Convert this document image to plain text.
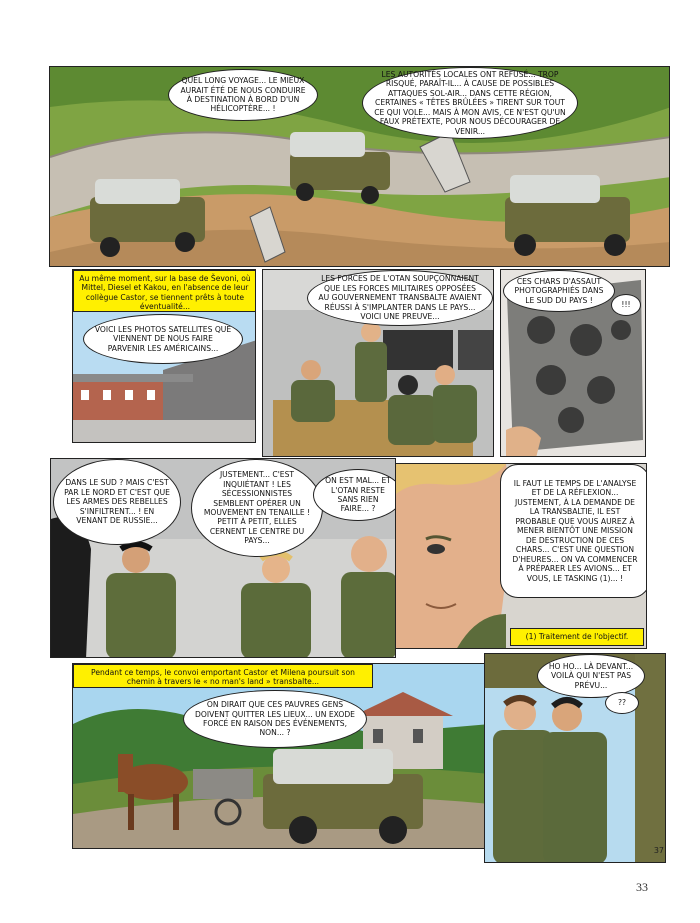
QUEL LONG VOYAGE... LE MIEUX AURAIT ÉTÉ DE NOUS CONDUIRE À DESTINATION À BORD D'UN HÉLICOPTÈRE... !
LES AUTORITÉS LOCALES ONT REFUSÉ... TROP RISQUÉ, PARAÎT-IL... À CAUSE DE POSSIBLES ATTAQUES SOL-AIR... DANS CETTE RÉGION, CERTAINES « TÊTES BRÛLÉES » TIRENT SUR TOUT CE QUI VOLE... MAIS À MON AVIS, CE N'EST QU'UN FAUX PRÉTEXTE, POUR NOUS DÉCOURAGER DE VENIR...
Au même moment, sur la base de Ševoni, où Mittel, Diesel et Kakou, en l'absence de leur collègue Castor, se tiennent prêts à toute éventualité...
VOICI LES PHOTOS SATELLITES QUE VIENNENT DE NOUS FAIRE PARVENIR LES AMÉRICAINS...
LES FORCES DE L'OTAN SOUPÇONNAIENT QUE LES FORCES MILITAIRES OPPOSÉES AU GOUVERNEMENT TRANSBALTE AVAIENT RÉUSSI À S'IMPLANTER DANS LE PAYS... VOICI UNE PREUVE...
CES CHARS D'ASSAUT PHOTOGRAPHIÉS DANS LE SUD DU PAYS !	!!!
DANS LE SUD ? MAIS C'EST PAR LE NORD ET C'EST QUE LES ARMES DES REBELLES S'INFILTRENT... ! EN VENANT DE RUSSIE...
JUSTEMENT... C'EST INQUIÉTANT ! LES SÉCESSIONNISTES SEMBLENT OPÉRER UN MOUVEMENT EN TENAILLE ! PETIT À PETIT, ELLES CERNENT LE CENTRE DU PAYS...
ON EST MAL... ET L'OTAN RESTE SANS RIEN FAIRE... ?
IL FAUT LE TEMPS DE L'ANALYSE ET DE LA RÉFLEXION... JUSTEMENT, À LA DEMANDE DE LA TRANSBALTIE, IL EST PROBABLE QUE VOUS AUREZ À MENER BIENTÔT UNE MISSION DE DESTRUCTION DE CES CHARS... C'EST UNE QUESTION D'HEURES... ON VA COMMENCER À PRÉPARER LES AVIONS... ET VOUS, LE TASKING (1)... !
(1) Traitement de l'objectif.
Pendant ce temps, le convoi emportant Castor et Milena poursuit son chemin à travers le « no man's land » transbalte...
ON DIRAIT QUE CES PAUVRES GENS DOIVENT QUITTER LES LIEUX... UN EXODE FORCÉ EN RAISON DES ÉVÉNEMENTS, NON... ?
HO HO... LÀ DEVANT... VOILÀ QUI N'EST PAS PRÉVU...
??
37
33
